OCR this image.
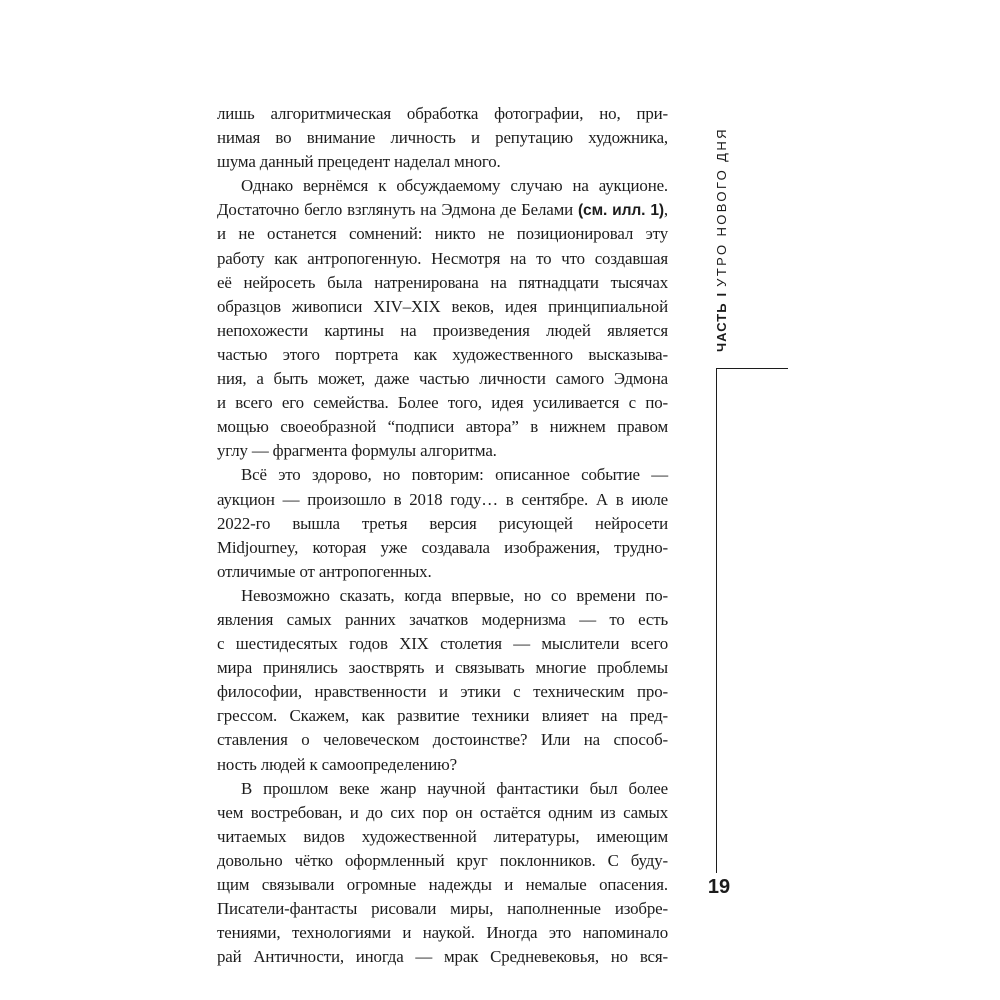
лишь алгоритмическая обработка фотографии, но, при-
нимая во внимание личность и репутацию художника,
шума данный прецедент наделал много.
Однако вернёмся к обсуждаемому случаю на аукционе.
Достаточно бегло взглянуть на Эдмона де Белами (см. илл. 1),
и не останется сомнений: никто не позиционировал эту
работу как антропогенную. Несмотря на то что создавшая
её нейросеть была натренирована на пятнадцати тысячах
образцов живописи XIV–XIX веков, идея принципиальной
непохожести картины на произведения людей является
частью этого портрета как художественного высказыва-
ния, а быть может, даже частью личности самого Эдмона
и всего его семейства. Более того, идея усиливается с по-
мощью своеобразной “подписи автора” в нижнем правом
углу — фрагмента формулы алгоритма.
Всё это здорово, но повторим: описанное событие —
аукцион — произошло в 2018 году… в сентябре. А в июле
2022-го вышла третья версия рисующей нейросети
Midjourney, которая уже создавала изображения, трудно-
отличимые от антропогенных.
Невозможно сказать, когда впервые, но со времени по-
явления самых ранних зачатков модернизма — то есть
с шестидесятых годов XIX столетия — мыслители всего
мира принялись заостврять и связывать многие проблемы
философии, нравственности и этики с техническим про-
грессом. Скажем, как развитие техники влияет на пред-
ставления о человеческом достоинстве? Или на способ-
ность людей к самоопределению?
В прошлом веке жанр научной фантастики был более
чем востребован, и до сих пор он остаётся одним из самых
читаемых видов художественной литературы, имеющим
довольно чётко оформленный круг поклонников. С буду-
щим связывали огромные надежды и немалые опасения.
Писатели-фантасты рисовали миры, наполненные изобре-
тениями, технологиями и наукой. Иногда это напоминало
рай Античности, иногда — мрак Средневековья, но вся-
ЧАСТЬ
I
УТРО НОВОГО ДНЯ
19
